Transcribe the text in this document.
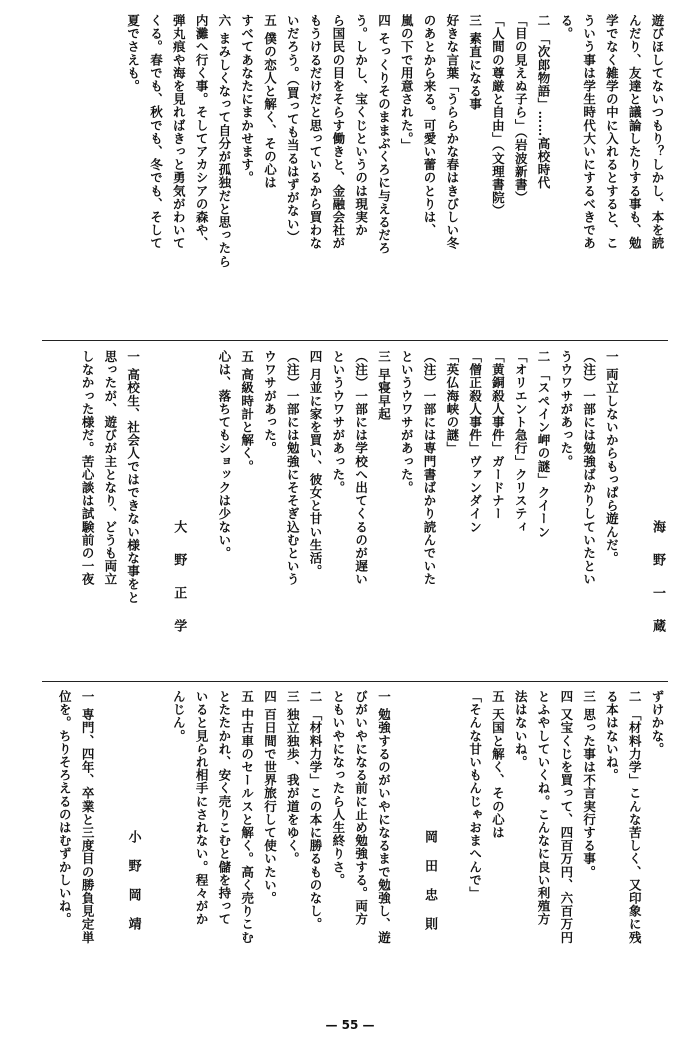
遊びほしてないつもり？しかし、本を読

んだり、友達と議論したりする事も、勉

学でなく雑学の中に入れるとすると、こ

ういう事は学生時代大いにするべきであ

る。

二 「次郎物語」……高校時代

「目の見えぬ子ら」（岩波新書）

「人間の尊厳と自由」（文理書院）

三 素直になる事

好きな言葉「うららかな春はきびしい冬

のあとから来る。可愛い蕾のとりは、

嵐の下で用意された。」

四 そっくりそのままぶくろに与えるだろ

う。しかし、宝くじというのは現実か

ら国民の目をそらす働きと、金融会社が

もうけるだけだと思っているから買わな

いだろう。（買っても当るはずがない）

五 僕の恋人と解く、その心は

すべてあなたにまかせます。

六 まみしくなって自分が孤独だと思ったら

内灘へ行く事。そしてアカシアの森や、

弾丸痕や海を見ればきっと勇気がわいて

くる。春でも、秋でも、冬でも、そして

夏でさえも。

海野一蔵

一 両立しないからもっぱら遊んだ。

（注）一部には勉強ばかりしていたとい

うウワサがあった。

二 「スペイン岬の謎」クイーン

「オリエント急行」クリスティ

「黄銅殺人事件」ガードナー

「僧正殺人事件」ヴァンダイン

「英仏海峡の謎」

（注）一部には専門書ばかり読んでいた

というウワサがあった。

三 早寝早起

（注）一部には学校へ出てくるのが遅い

というウワサがあった。

四 月並に家を買い、彼女と甘い生活。

（注）一部には勉強にそそぎ込むという

ウワサがあった。

五 高級時計と解く。

心は、落ちてもショックは少ない。

大野正学

一 高校生、社会人ではできない様な事をと

思ったが、遊びが主となり、どうも両立

しなかった様だ。苦心談は試験前の一夜

ずけかな。

二 「材料力学」こんな苦しく、又印象に残

る本はないね。

三 思った事は不言実行する事。

四 又宝くじを買って、四百万円、六百万円

とふやしていくね。こんなに良い利殖方

法はないね。

五 天国と解く、その心は

「そんな甘いもんじゃおまへんで」

岡田忠則

一 勉強するのがいやになるまで勉強し、遊

びがいやになる前に止め勉強する。両方

ともいやになったら人生終りさ。

二 「材料力学」この本に勝るものなし。

三 独立独歩、我が道をゆく。

四 百日間で世界旅行して使いたい。

五 中古車のセールスと解く。高く売りこむ

とたたかれ、安く売りこむと儲を持って

いると見られ相手にされない。程々がか

んじん。

小野岡靖

一 専門、四年、卒業と三度目の勝負見定単

位を。ちりそろえるのはむずかしいね。

— 55 —
